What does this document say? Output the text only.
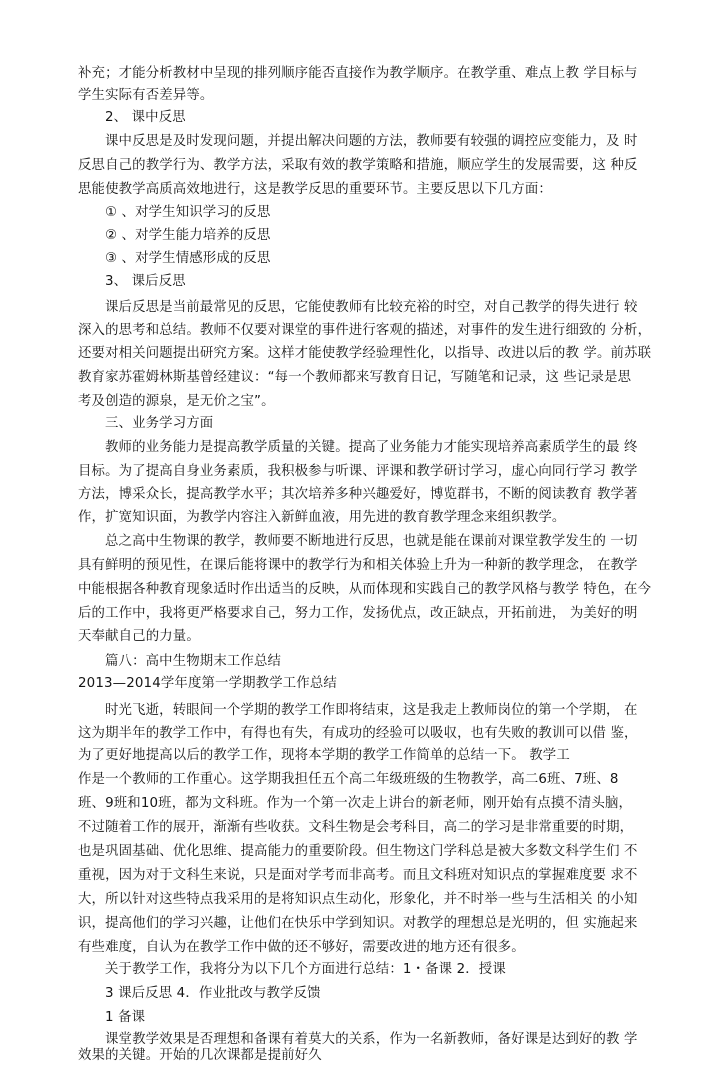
补充；才能分析教材中呈现的排列顺序能否直接作为教学顺序。在教学重、难点上教 学目标与
学生实际有否差异等。
2、 课中反思
课中反思是及时发现问题，并提出解决问题的方法，教师要有较强的调控应变能力，及 时
反思自己的教学行为、教学方法，采取有效的教学策略和措施，顺应学生的发展需要，这 种反
思能使教学高质高效地进行，这是教学反思的重要环节。主要反思以下几方面：
① 、对学生知识学习的反思
② 、对学生能力培养的反思
③ 、对学生情感形成的反思
3、 课后反思
课后反思是当前最常见的反思，它能使教师有比较充裕的时空，对自己教学的得失进行 较
深入的思考和总结。教师不仅要对课堂的事件进行客观的描述，对事件的发生进行细致的 分析，
还要对相关问题提出研究方案。这样才能使教学经验理性化，以指导、改进以后的教 学。前苏联
教育家苏霍姆林斯基曾经建议：“每一个教师都来写教育日记，写随笔和记录，这 些记录是思
考及创造的源泉，是无价之宝”。
三、业务学习方面
教师的业务能力是提高教学质量的关键。提高了业务能力才能实现培养高素质学生的最 终
目标。为了提高自身业务素质，我积极参与听课、评课和教学研讨学习，虚心向同行学习 教学
方法，博采众长，提高教学水平；其次培养多种兴趣爱好，博览群书，不断的阅读教育 教学著
作，扩宽知识面，为教学内容注入新鲜血液，用先进的教育教学理念来组织教学。
总之高中生物课的教学，教师要不断地进行反思，也就是能在课前对课堂教学发生的 一切
具有鲜明的预见性，在课后能将课中的教学行为和相关体验上升为一种新的教学理念， 在教学
中能根据各种教育现象适时作出适当的反映，从而体现和实践自己的教学风格与教学 特色，在今
后的工作中，我将更严格要求自己，努力工作，发扬优点，改正缺点，开拓前进， 为美好的明
天奉献自己的力量。
篇八：高中生物期末工作总结
2013—2014学年度第一学期教学工作总结
时光飞逝，转眼间一个学期的教学工作即将结束，这是我走上教师岗位的第一个学期， 在
这为期半年的教学工作中，有得也有失，有成功的经验可以吸収，也有失败的教训可以借 鉴，
为了更好地提高以后的教学工作，现将本学期的教学工作简单的总结一下。 教学工
作是一个教师的工作重心。这学期我担任五个高二年级班级的生物教学，高二6班、7班、8
班、9班和10班，都为文科班。作为一个第一次走上讲台的新老师，刚开始有点摸不清头脑，
不过随着工作的展开，渐渐有些收获。文科生物是会考科目，高二的学习是非常重要的时期，
也是巩固基础、优化思维、提高能力的重要阶段。但生物这门学科总是被大多数文科学生们 不
重视，因为对于文科生来说，只是面对学考而非高考。而且文科班对知识点的掌握难度要 求不
大，所以针对这些特点我采用的是将知识点生动化，形象化，并不时举一些与生活相关 的小知
识，提高他们的学习兴趣，让他们在快乐中学到知识。对教学的理想总是光明的，但 实施起来
有些难度，自认为在教学工作中做的还不够好，需要改进的地方还有很多。
关于教学工作，我将分为以下几个方面进行总结：1・备课 2．授课
3 课后反思 4．作业批改与教学反馈
1 备课
课堂教学效果是否理想和备课有着莫大的关系，作为一名新教师，备好课是达到好的教 学
效果的关键。开始的几次课都是提前好久
